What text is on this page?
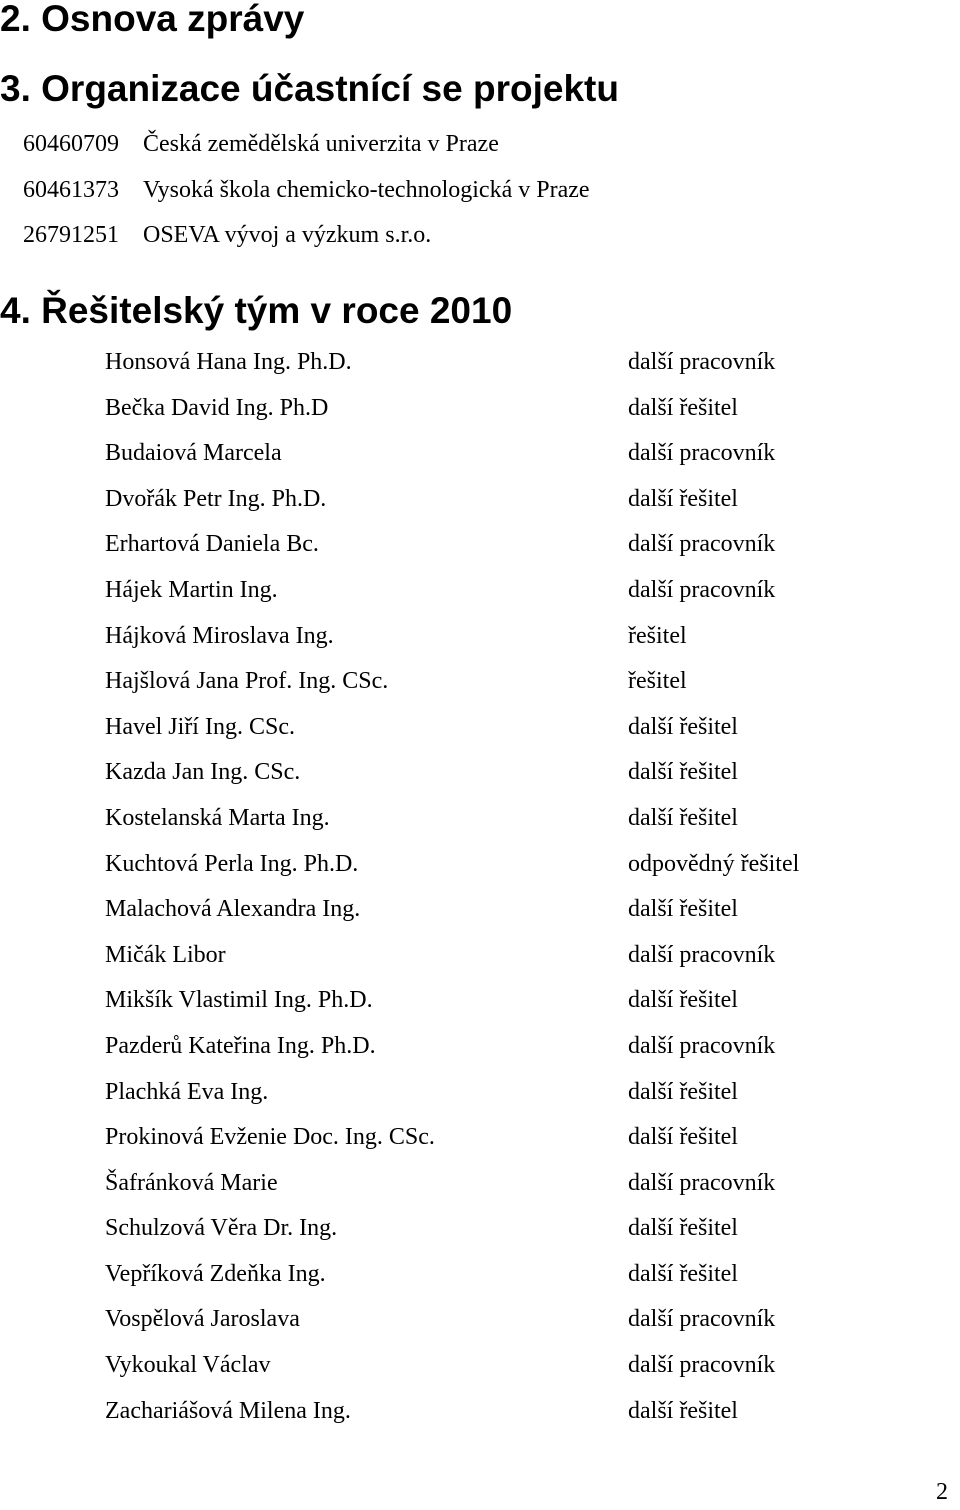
2. Osnova zprávy
3. Organizace účastnící se projektu
60460709 Česká zemědělská univerzita v Praze
60461373 Vysoká škola chemicko-technologická v Praze
26791251 OSEVA vývoj a výzkum s.r.o.
4. Řešitelský tým v roce 2010
Honsová Hana Ing. Ph.D.	další pracovník
Bečka David Ing. Ph.D	další řešitel
Budaiová Marcela	další pracovník
Dvořák Petr Ing. Ph.D.	další řešitel
Erhartová Daniela Bc.	další pracovník
Hájek Martin Ing.	další pracovník
Hájková Miroslava Ing.	řešitel
Hajšlová Jana Prof. Ing. CSc.	řešitel
Havel Jiří Ing. CSc.	další řešitel
Kazda Jan Ing. CSc.	další řešitel
Kostelanská Marta Ing.	další řešitel
Kuchtová Perla Ing. Ph.D.	odpovědný řešitel
Malachová Alexandra Ing.	další řešitel
Mičák Libor	další pracovník
Mikšík Vlastimil Ing. Ph.D.	další řešitel
Pazderů Kateřina Ing. Ph.D.	další pracovník
Plachká Eva Ing.	další řešitel
Prokinová Evženie Doc. Ing. CSc.	další řešitel
Šafránková Marie	další pracovník
Schulzová Věra Dr. Ing.	další řešitel
Vepříková Zdeňka Ing.	další řešitel
Vospělová Jaroslava	další pracovník
Vykoukal Václav	další pracovník
Zachariášová Milena Ing.	další řešitel
2
